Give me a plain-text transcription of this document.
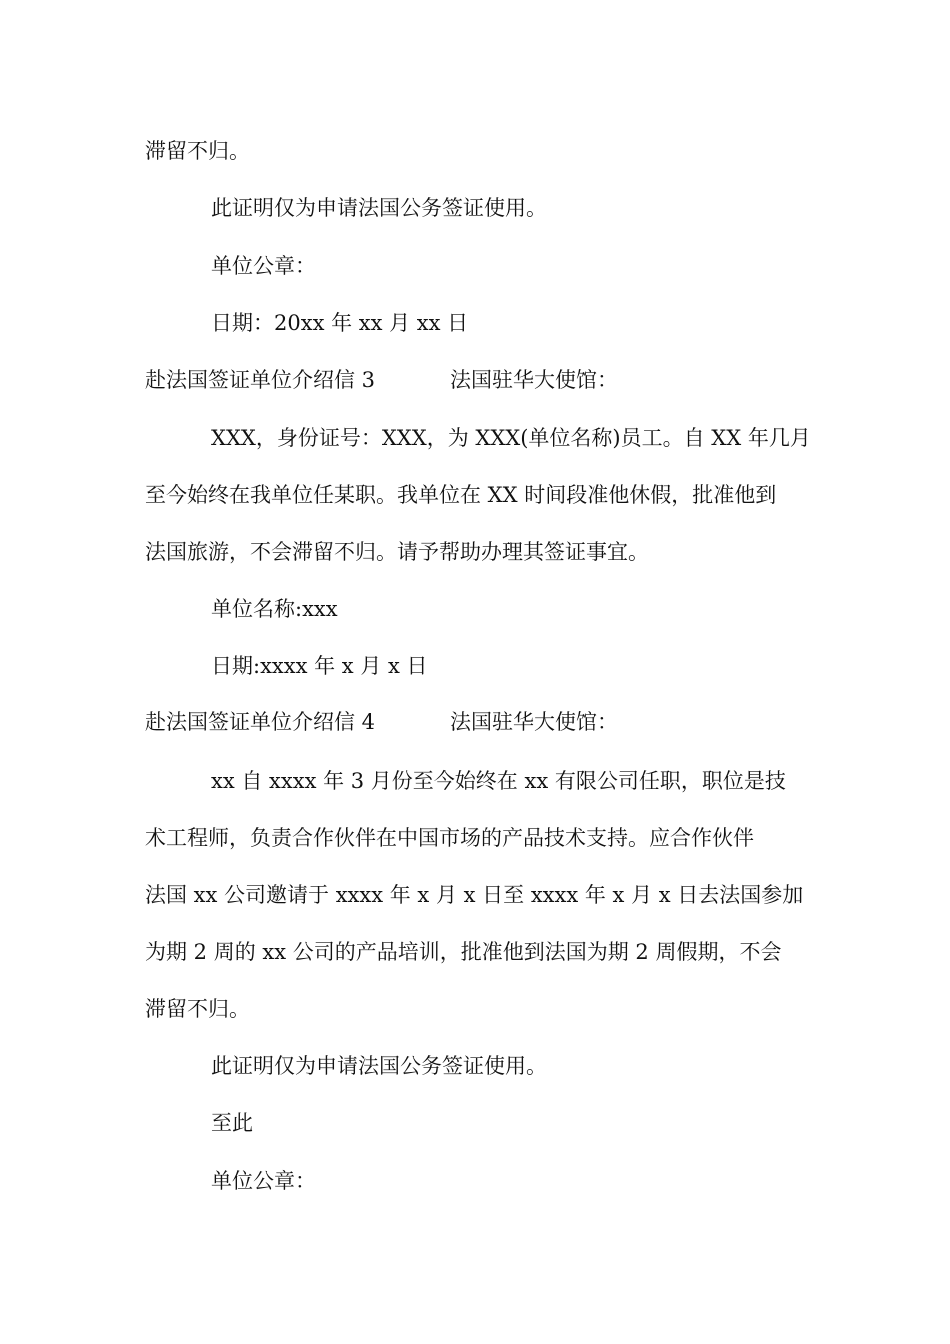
滞留不归。

此证明仅为申请法国公务签证使用。

单位公章：

日期：20xx 年 xx 月 xx 日

赴法国签证单位介绍信 3	法国驻华大使馆：

XXX，身份证号：XXX，为 XXX(单位名称)员工。自 XX 年几月

至今始终在我单位任某职。我单位在 XX 时间段准他休假，批准他到

法国旅游，不会滞留不归。请予帮助办理其签证事宜。

单位名称:xxx

日期:xxxx 年 x 月 x 日

赴法国签证单位介绍信 4	法国驻华大使馆：

xx 自 xxxx 年 3 月份至今始终在 xx 有限公司任职，职位是技

术工程师，负责合作伙伴在中国市场的产品技术支持。应合作伙伴

法国 xx 公司邀请于 xxxx 年 x 月 x 日至 xxxx 年 x 月 x 日去法国参加

为期 2 周的 xx 公司的产品培训，批准他到法国为期 2 周假期，不会

滞留不归。

此证明仅为申请法国公务签证使用。

至此

单位公章：
